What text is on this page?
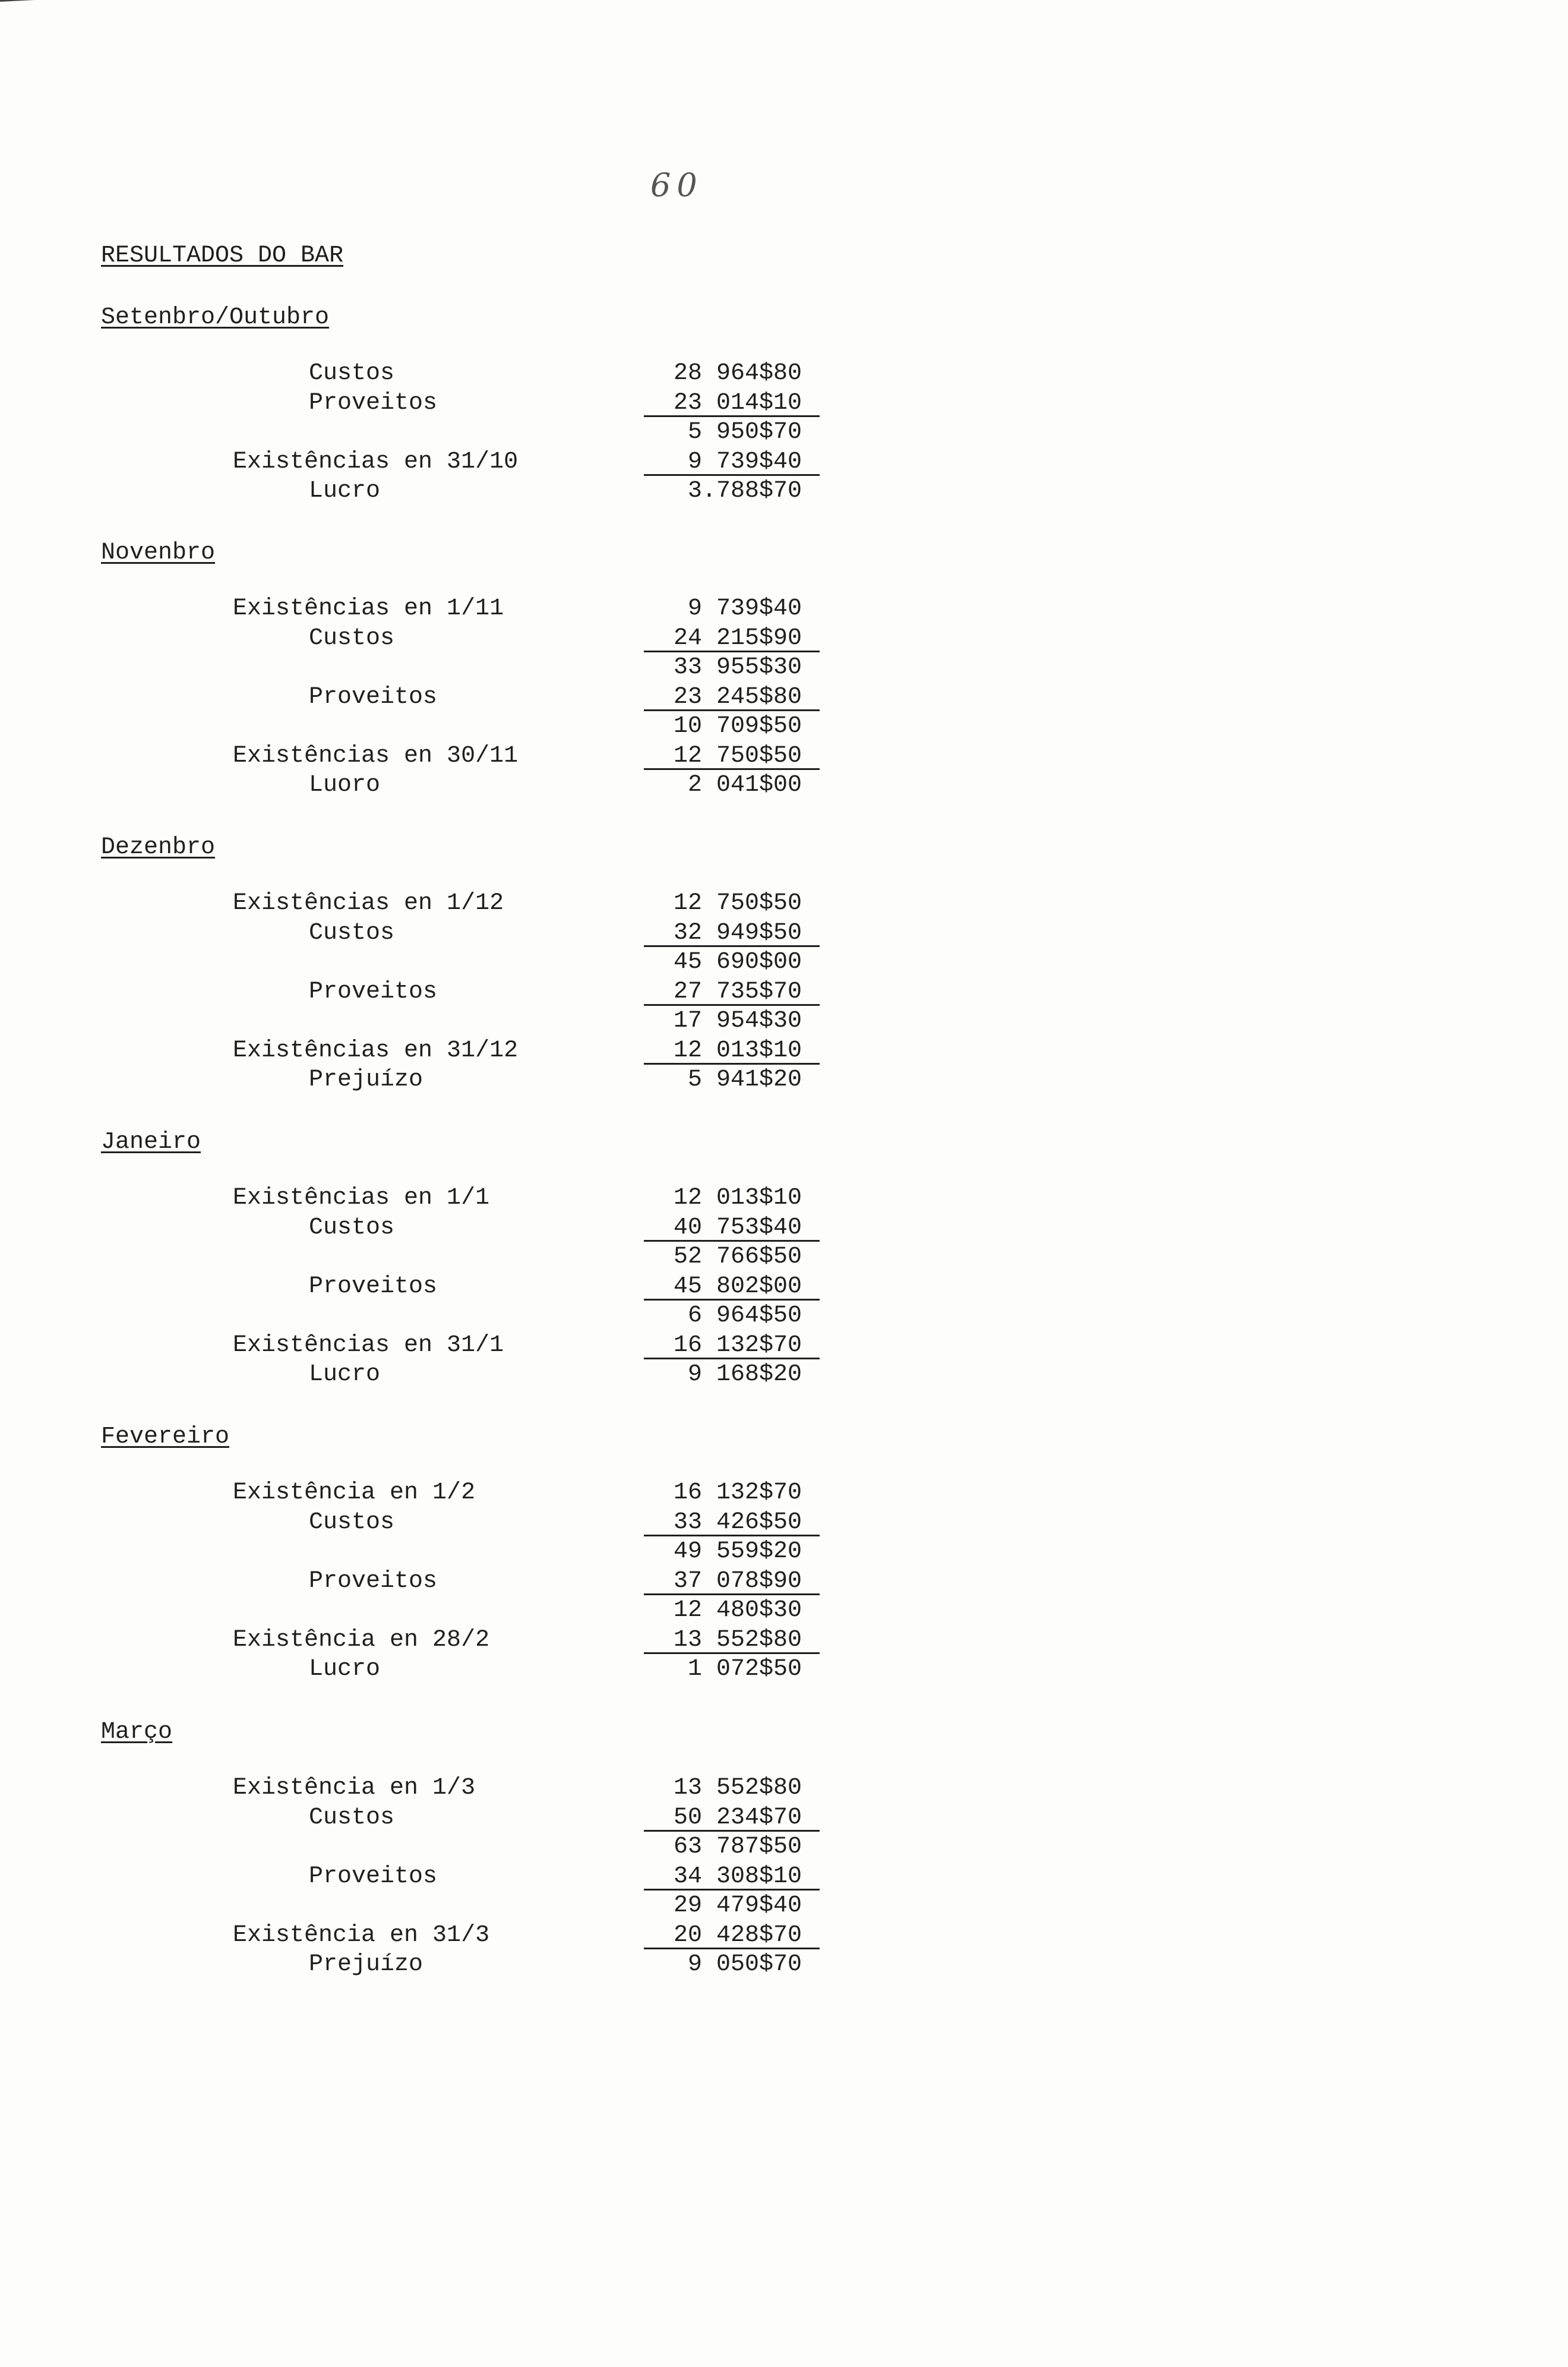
60
RESULTADOS DO BAR
Setenbro/Outubro
Custos	28 964$80
Proveitos	23 014$10
5 950$70
Existências en 31/10	9 739$40
Lucro	3.788$70
Novenbro
Existências en 1/11	9 739$40
Custos	24 215$90
33 955$30
Proveitos	23 245$80
10 709$50
Existências en 30/11	12 750$50
Luoro	2 041$00
Dezenbro
Existências en 1/12	12 750$50
Custos	32 949$50
45 690$00
Proveitos	27 735$70
17 954$30
Existências en 31/12	12 013$10
Prejuízo	5 941$20
Janeiro
Existências en 1/1	12 013$10
Custos	40 753$40
52 766$50
Proveitos	45 802$00
6 964$50
Existências en 31/1	16 132$70
Lucro	9 168$20
Fevereiro
Existência en 1/2	16 132$70
Custos	33 426$50
49 559$20
Proveitos	37 078$90
12 480$30
Existência en 28/2	13 552$80
Lucro	1 072$50
Março
Existência en 1/3	13 552$80
Custos	50 234$70
63 787$50
Proveitos	34 308$10
29 479$40
Existência en 31/3	20 428$70
Prejuízo	9 050$70
